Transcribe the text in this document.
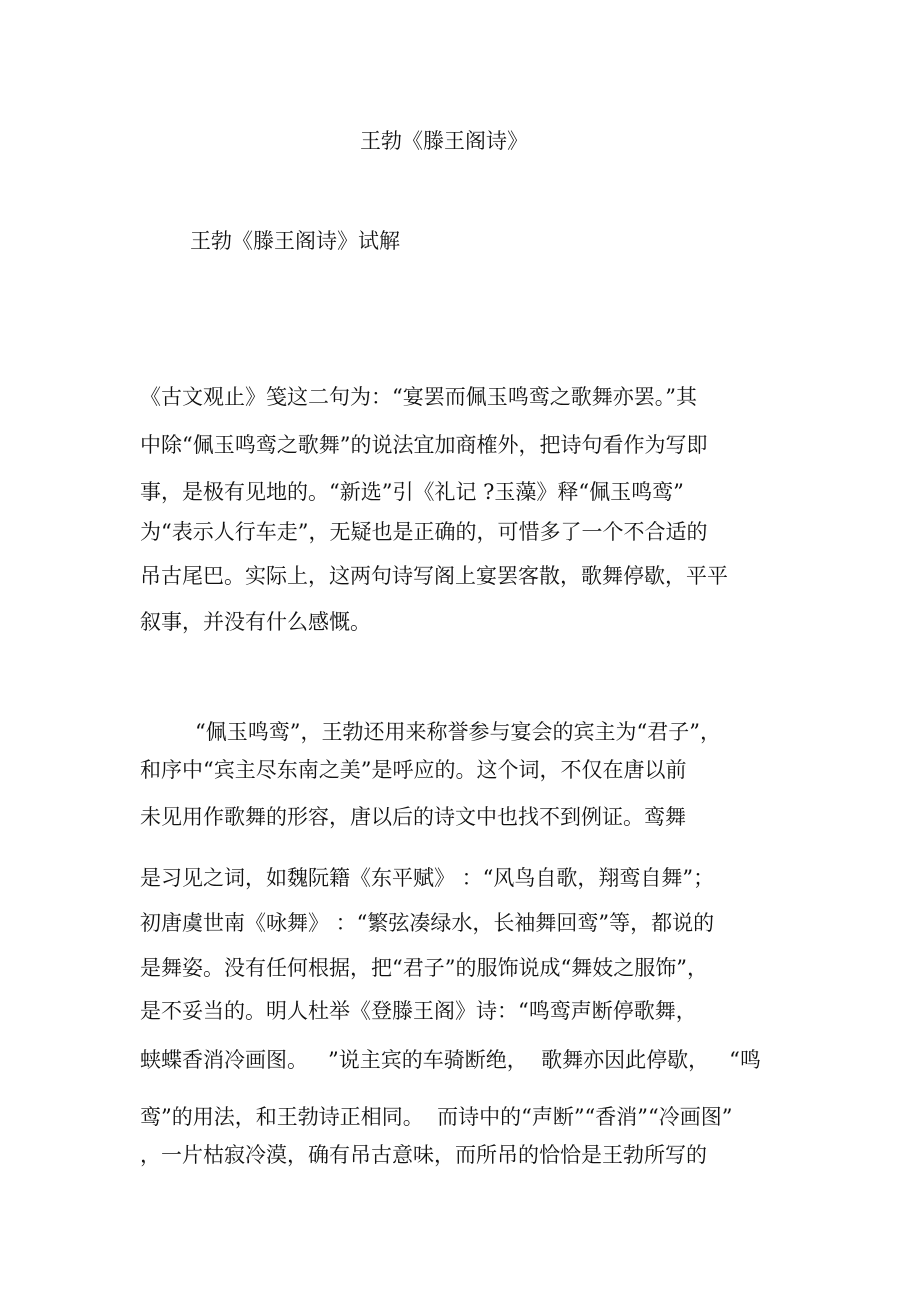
王勃《滕王阁诗》
王勃《滕王阁诗》试解
《古文观止》笺这二句为：“宴罢而佩玉鸣鸾之歌舞亦罢。”其
中除“佩玉鸣鸾之歌舞”的说法宜加商榷外，把诗句看作为写即
事，是极有见地的。“新选”引《礼记 ?玉藻》释“佩玉鸣鸾”
为“表示人行车走”，无疑也是正确的，可惜多了一个不合适的
吊古尾巴。实际上，这两句诗写阁上宴罢客散，歌舞停歇，平平
叙事，并没有什么感慨。
“佩玉鸣鸾”，王勃还用来称誉参与宴会的宾主为“君子”，
和序中“宾主尽东南之美”是呼应的。这个词，不仅在唐以前
未见用作歌舞的形容，唐以后的诗文中也找不到例证。鸾舞
是习见之词，如魏阮籍《东平赋》 ：“风鸟自歌，翔鸾自舞”；
初唐虞世南《咏舞》 ：“繁弦凑绿水，长袖舞回鸾”等，都说的
是舞姿。没有任何根据，把“君子”的服饰说成“舞妓之服饰”，
是不妥当的。明人杜举《登滕王阁》诗：“鸣鸾声断停歌舞，
蛱蝶香消冷画图。   ”说主宾的车骑断绝，  歌舞亦因此停歇，   “鸣
鸾”的用法，和王勃诗正相同。  而诗中的“声断”“香消”“冷画图”
，一片枯寂冷漠，确有吊古意味，而所吊的恰恰是王勃所写的
